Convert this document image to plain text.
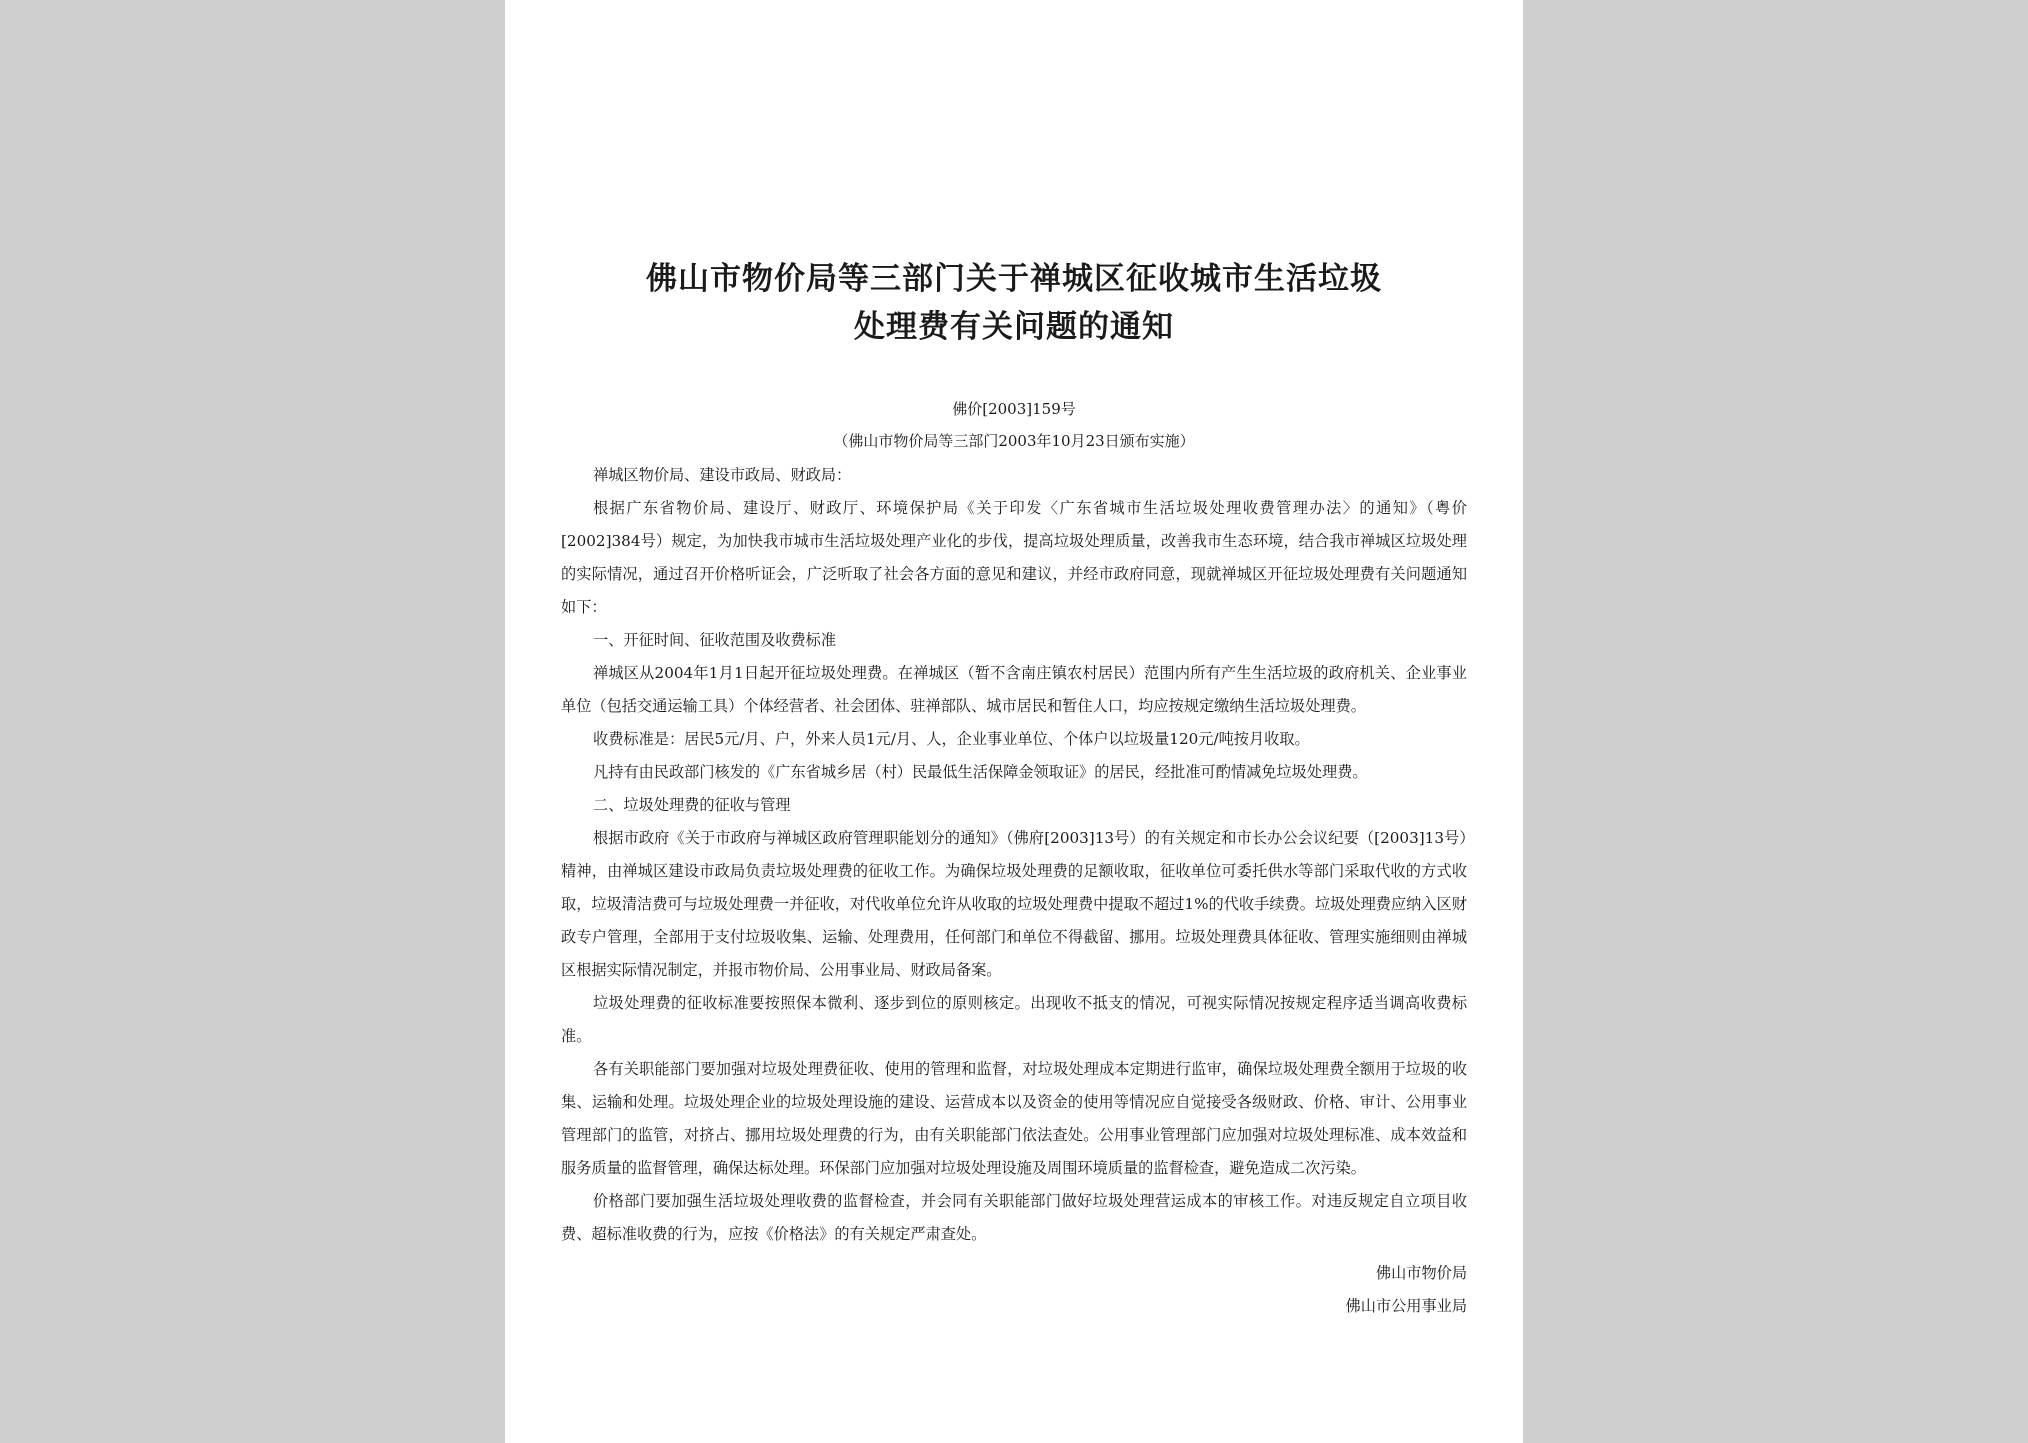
佛山市物价局等三部门关于禅城区征收城市生活垃圾
处理费有关问题的通知
佛价[2003]159号
（佛山市物价局等三部门2003年10月23日颁布实施）

禅城区物价局、建设市政局、财政局：

根据广东省物价局、建设厅、财政厅、环境保护局《关于印发〈广东省城市生活垃圾处理收费管理办法〉的通知》（粤价[2002]384号）规定，为加快我市城市生活垃圾处理产业化的步伐，提高垃圾处理质量，改善我市生态环境，结合我市禅城区垃圾处理的实际情况，通过召开价格听证会，广泛听取了社会各方面的意见和建议，并经市政府同意，现就禅城区开征垃圾处理费有关问题通知如下：

一、开征时间、征收范围及收费标准

禅城区从2004年1月1日起开征垃圾处理费。在禅城区（暂不含南庄镇农村居民）范围内所有产生生活垃圾的政府机关、企业事业单位（包括交通运输工具）个体经营者、社会团体、驻禅部队、城市居民和暂住人口，均应按规定缴纳生活垃圾处理费。

收费标准是：居民5元/月、户，外来人员1元/月、人，企业事业单位、个体户以垃圾量120元/吨按月收取。

凡持有由民政部门核发的《广东省城乡居（村）民最低生活保障金领取证》的居民，经批准可酌情减免垃圾处理费。

二、垃圾处理费的征收与管理

根据市政府《关于市政府与禅城区政府管理职能划分的通知》（佛府[2003]13号）的有关规定和市长办公会议纪要（[2003]13号）精神，由禅城区建设市政局负责垃圾处理费的征收工作。为确保垃圾处理费的足额收取，征收单位可委托供水等部门采取代收的方式收取，垃圾清洁费可与垃圾处理费一并征收，对代收单位允许从收取的垃圾处理费中提取不超过1%的代收手续费。垃圾处理费应纳入区财政专户管理，全部用于支付垃圾收集、运输、处理费用，任何部门和单位不得截留、挪用。垃圾处理费具体征收、管理实施细则由禅城区根据实际情况制定，并报市物价局、公用事业局、财政局备案。

垃圾处理费的征收标准要按照保本微利、逐步到位的原则核定。出现收不抵支的情况，可视实际情况按规定程序适当调高收费标准。

各有关职能部门要加强对垃圾处理费征收、使用的管理和监督，对垃圾处理成本定期进行监审，确保垃圾处理费全额用于垃圾的收集、运输和处理。垃圾处理企业的垃圾处理设施的建设、运营成本以及资金的使用等情况应自觉接受各级财政、价格、审计、公用事业管理部门的监管，对挤占、挪用垃圾处理费的行为，由有关职能部门依法查处。公用事业管理部门应加强对垃圾处理标准、成本效益和服务质量的监督管理，确保达标处理。环保部门应加强对垃圾处理设施及周围环境质量的监督检查，避免造成二次污染。

价格部门要加强生活垃圾处理收费的监督检查，并会同有关职能部门做好垃圾处理营运成本的审核工作。对违反规定自立项目收费、超标准收费的行为，应按《价格法》的有关规定严肃查处。

佛山市物价局
佛山市公用事业局
